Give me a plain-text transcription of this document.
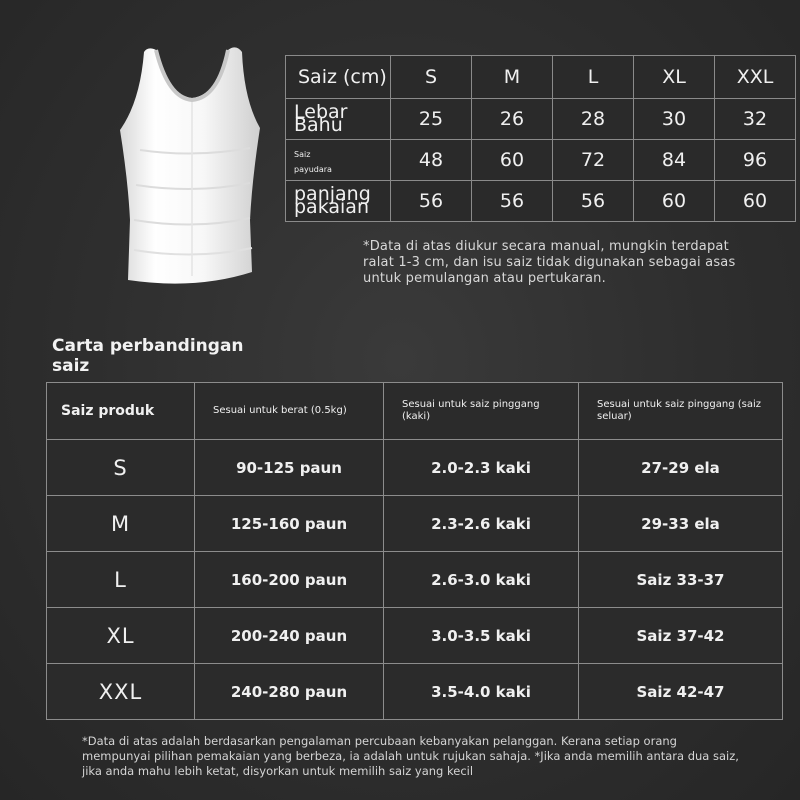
Saiz (cm)	S	M	L	XL	XXL
Lebar
Bahu	25	26	28	30	32
Saiz
payudara	48	60	72	84	96
panjang
pakaian	56	56	56	60	60
*Data di atas diukur secara manual, mungkin terdapat ralat 1-3 cm, dan isu saiz tidak digunakan sebagai asas untuk pemulangan atau pertukaran.
Carta perbandingan saiz
Saiz produk	Sesuai untuk berat (0.5kg)	Sesuai untuk saiz pinggang (kaki)	Sesuai untuk saiz pinggang (saiz seluar)
S	90-125 paun	2.0-2.3 kaki	27-29 ela
M	125-160 paun	2.3-2.6 kaki	29-33 ela
L	160-200 paun	2.6-3.0 kaki	Saiz 33-37
XL	200-240 paun	3.0-3.5 kaki	Saiz 37-42
XXL	240-280 paun	3.5-4.0 kaki	Saiz 42-47
*Data di atas adalah berdasarkan pengalaman percubaan kebanyakan pelanggan. Kerana setiap orang mempunyai pilihan pemakaian yang berbeza, ia adalah untuk rujukan sahaja. *Jika anda memilih antara dua saiz, jika anda mahu lebih ketat, disyorkan untuk memilih saiz yang kecil
